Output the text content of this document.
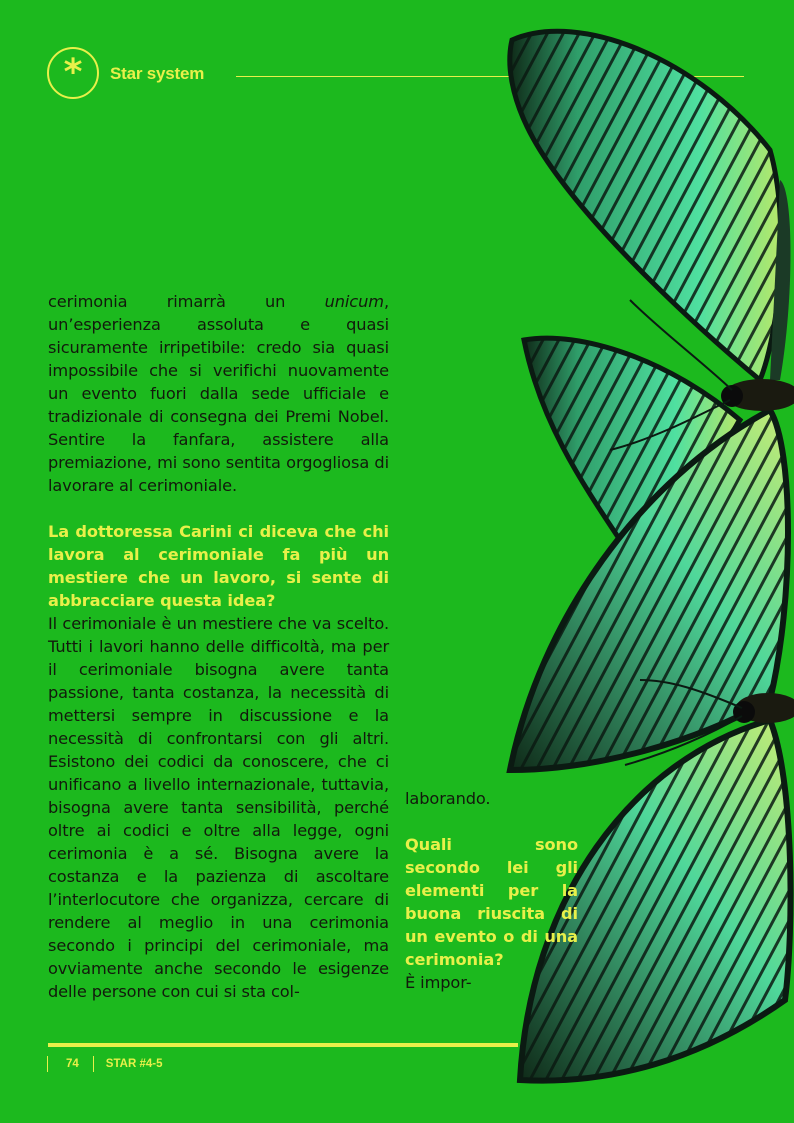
* Star system

cerimonia rimarrà un unicum, un’esperienza assoluta e quasi sicuramente irripetibile: credo sia quasi impossibile che si verifichi nuovamente un evento fuori dalla sede ufficiale e tradizionale di consegna dei Premi Nobel. Sentire la fanfara, assistere alla premiazione, mi sono sentita orgogliosa di lavorare al cerimoniale.

La dottoressa Carini ci diceva che chi lavora al cerimoniale fa più un mestiere che un lavoro, si sente di abbracciare questa idea?

Il cerimoniale è un mestiere che va scelto. Tutti i lavori hanno delle difficoltà, ma per il cerimoniale bisogna avere tanta passione, tanta costanza, la necessità di mettersi sempre in discussione e la necessità di confrontarsi con gli altri. Esistono dei codici da conoscere, che ci unificano a livello internazionale, tuttavia, bisogna avere tanta sensibilità, perché oltre ai codici e oltre alla legge, ogni cerimonia è a sé. Bisogna avere la costanza e la pazienza di ascoltare l’interlocutore che organizza, cercare di rendere al meglio in una cerimonia secondo i principi del cerimoniale, ma ovviamente anche secondo le esigenze delle persone con cui si sta col-

laborando.

Quali sono secondo lei gli elementi per la buona riuscita di un evento o di una cerimonia?

È impor-

74	STAR #4-5
